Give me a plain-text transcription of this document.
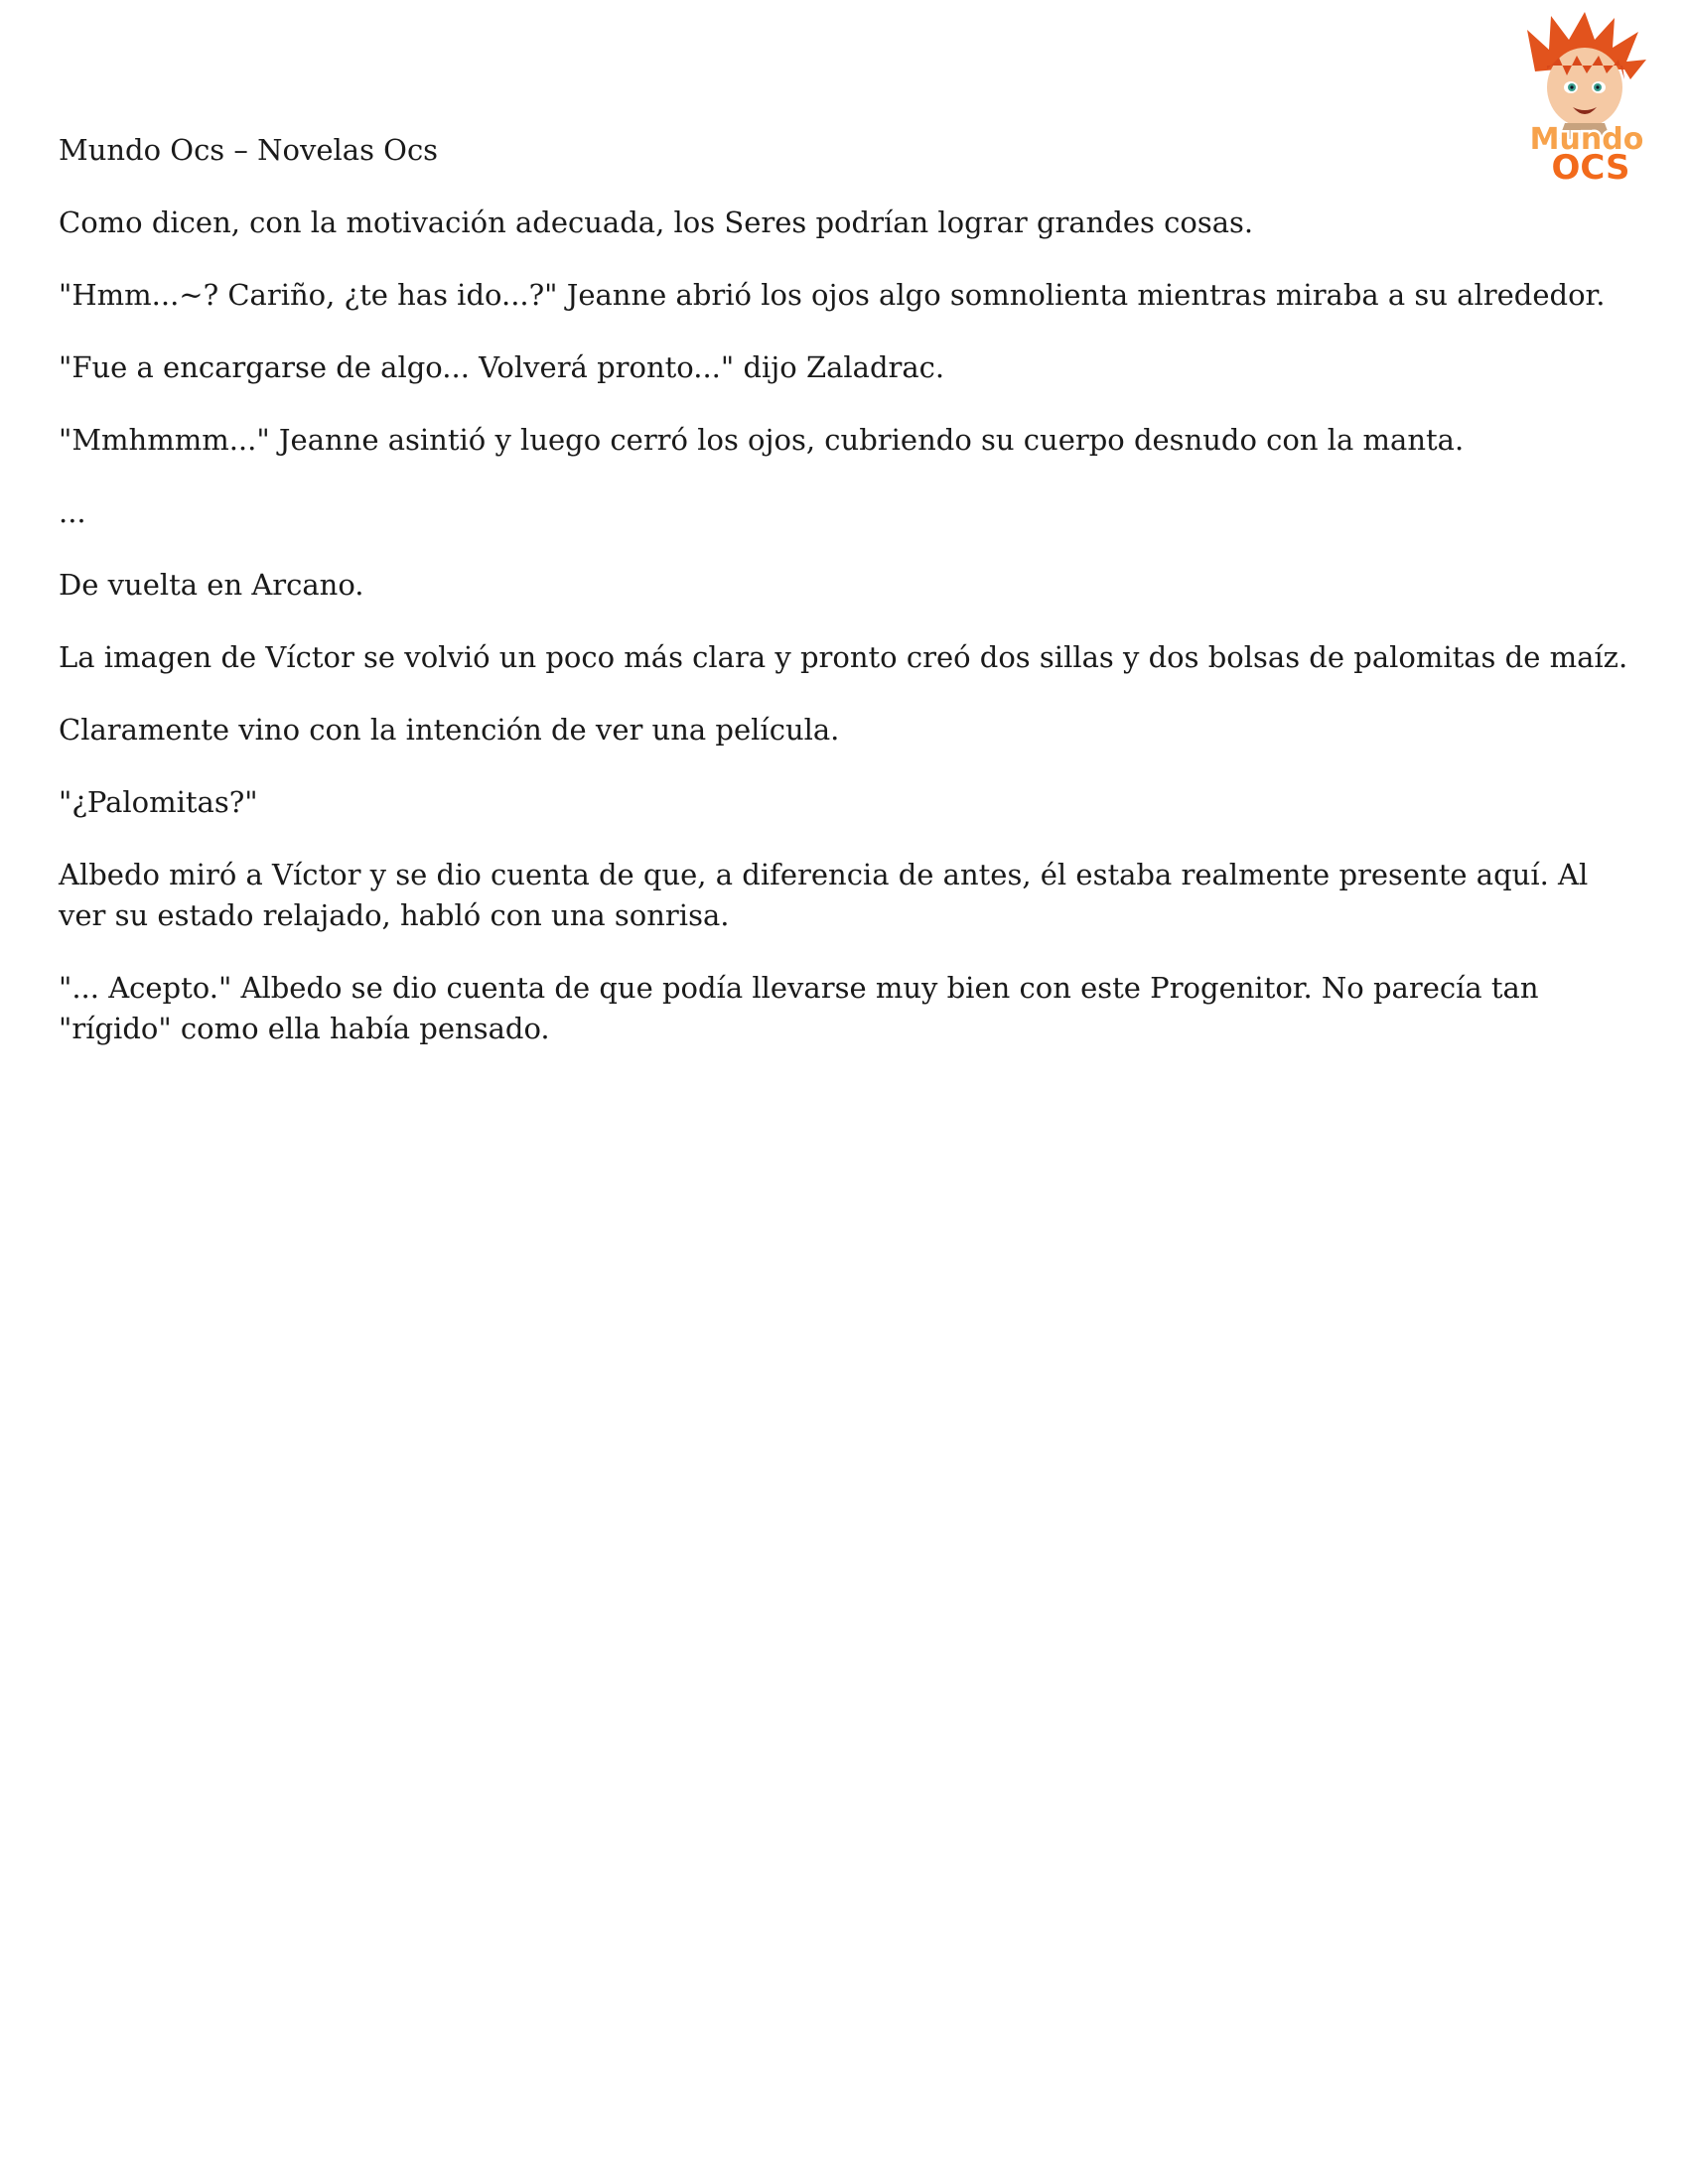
Mundo
OCS

Mundo Ocs – Novelas Ocs

Como dicen, con la motivación adecuada, los Seres podrían lograr grandes cosas.

"Hmm...~? Cariño, ¿te has ido...?" Jeanne abrió los ojos algo somnolienta mientras miraba a su alrededor.

"Fue a encargarse de algo... Volverá pronto..." dijo Zaladrac.

"Mmhmmm..." Jeanne asintió y luego cerró los ojos, cubriendo su cuerpo desnudo con la manta.

...

De vuelta en Arcano.

La imagen de Víctor se volvió un poco más clara y pronto creó dos sillas y dos bolsas de palomitas de maíz.

Claramente vino con la intención de ver una película.

"¿Palomitas?"

Albedo miró a Víctor y se dio cuenta de que, a diferencia de antes, él estaba realmente presente aquí. Al ver su estado relajado, habló con una sonrisa.

"... Acepto." Albedo se dio cuenta de que podía llevarse muy bien con este Progenitor. No parecía tan "rígido" como ella había pensado.
